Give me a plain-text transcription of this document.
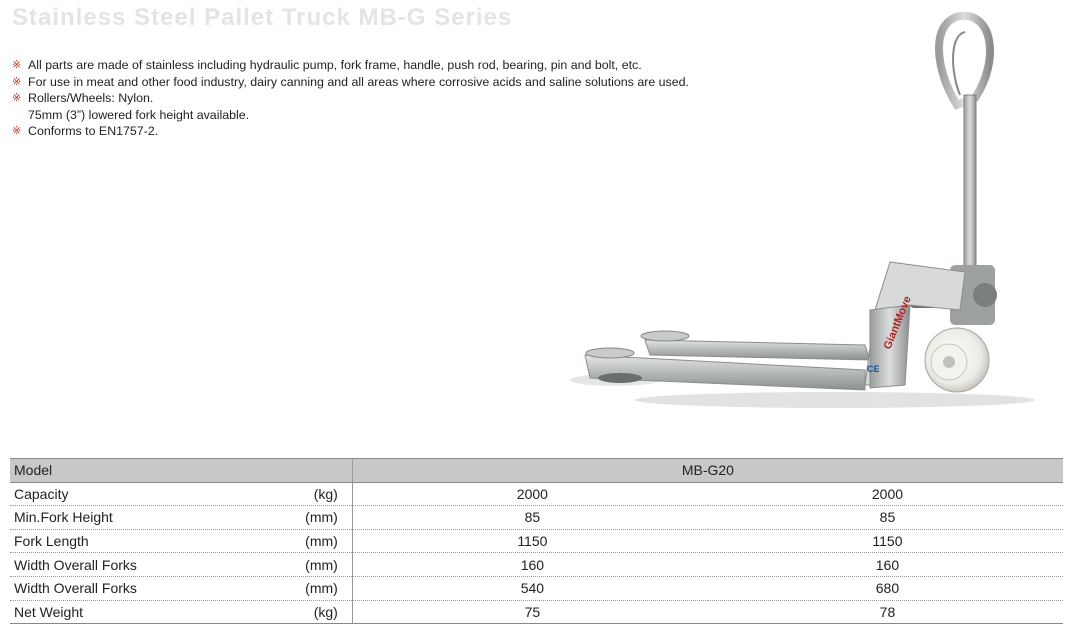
Stainless Steel Pallet Truck MB-G Series
※ All parts are made of stainless including hydraulic pump, fork frame, handle, push rod, bearing, pin and bolt, etc.
※ For use in meat and other food industry, dairy canning and all areas where corrosive acids and saline solutions are used.
※ Rollers/Wheels: Nylon.
75mm (3”) lowered fork height available.
※ Conforms to EN1757-2.
GiantMove
CE
Model	MB-G20	

Capacity (kg)	2000	2000

Min.Fork Height (mm)	85	85

Fork Length (mm)	1150	1150

Width Overall Forks (mm)	160	160

Width Overall Forks (mm)	540	680

Net Weight (kg)	75	78
